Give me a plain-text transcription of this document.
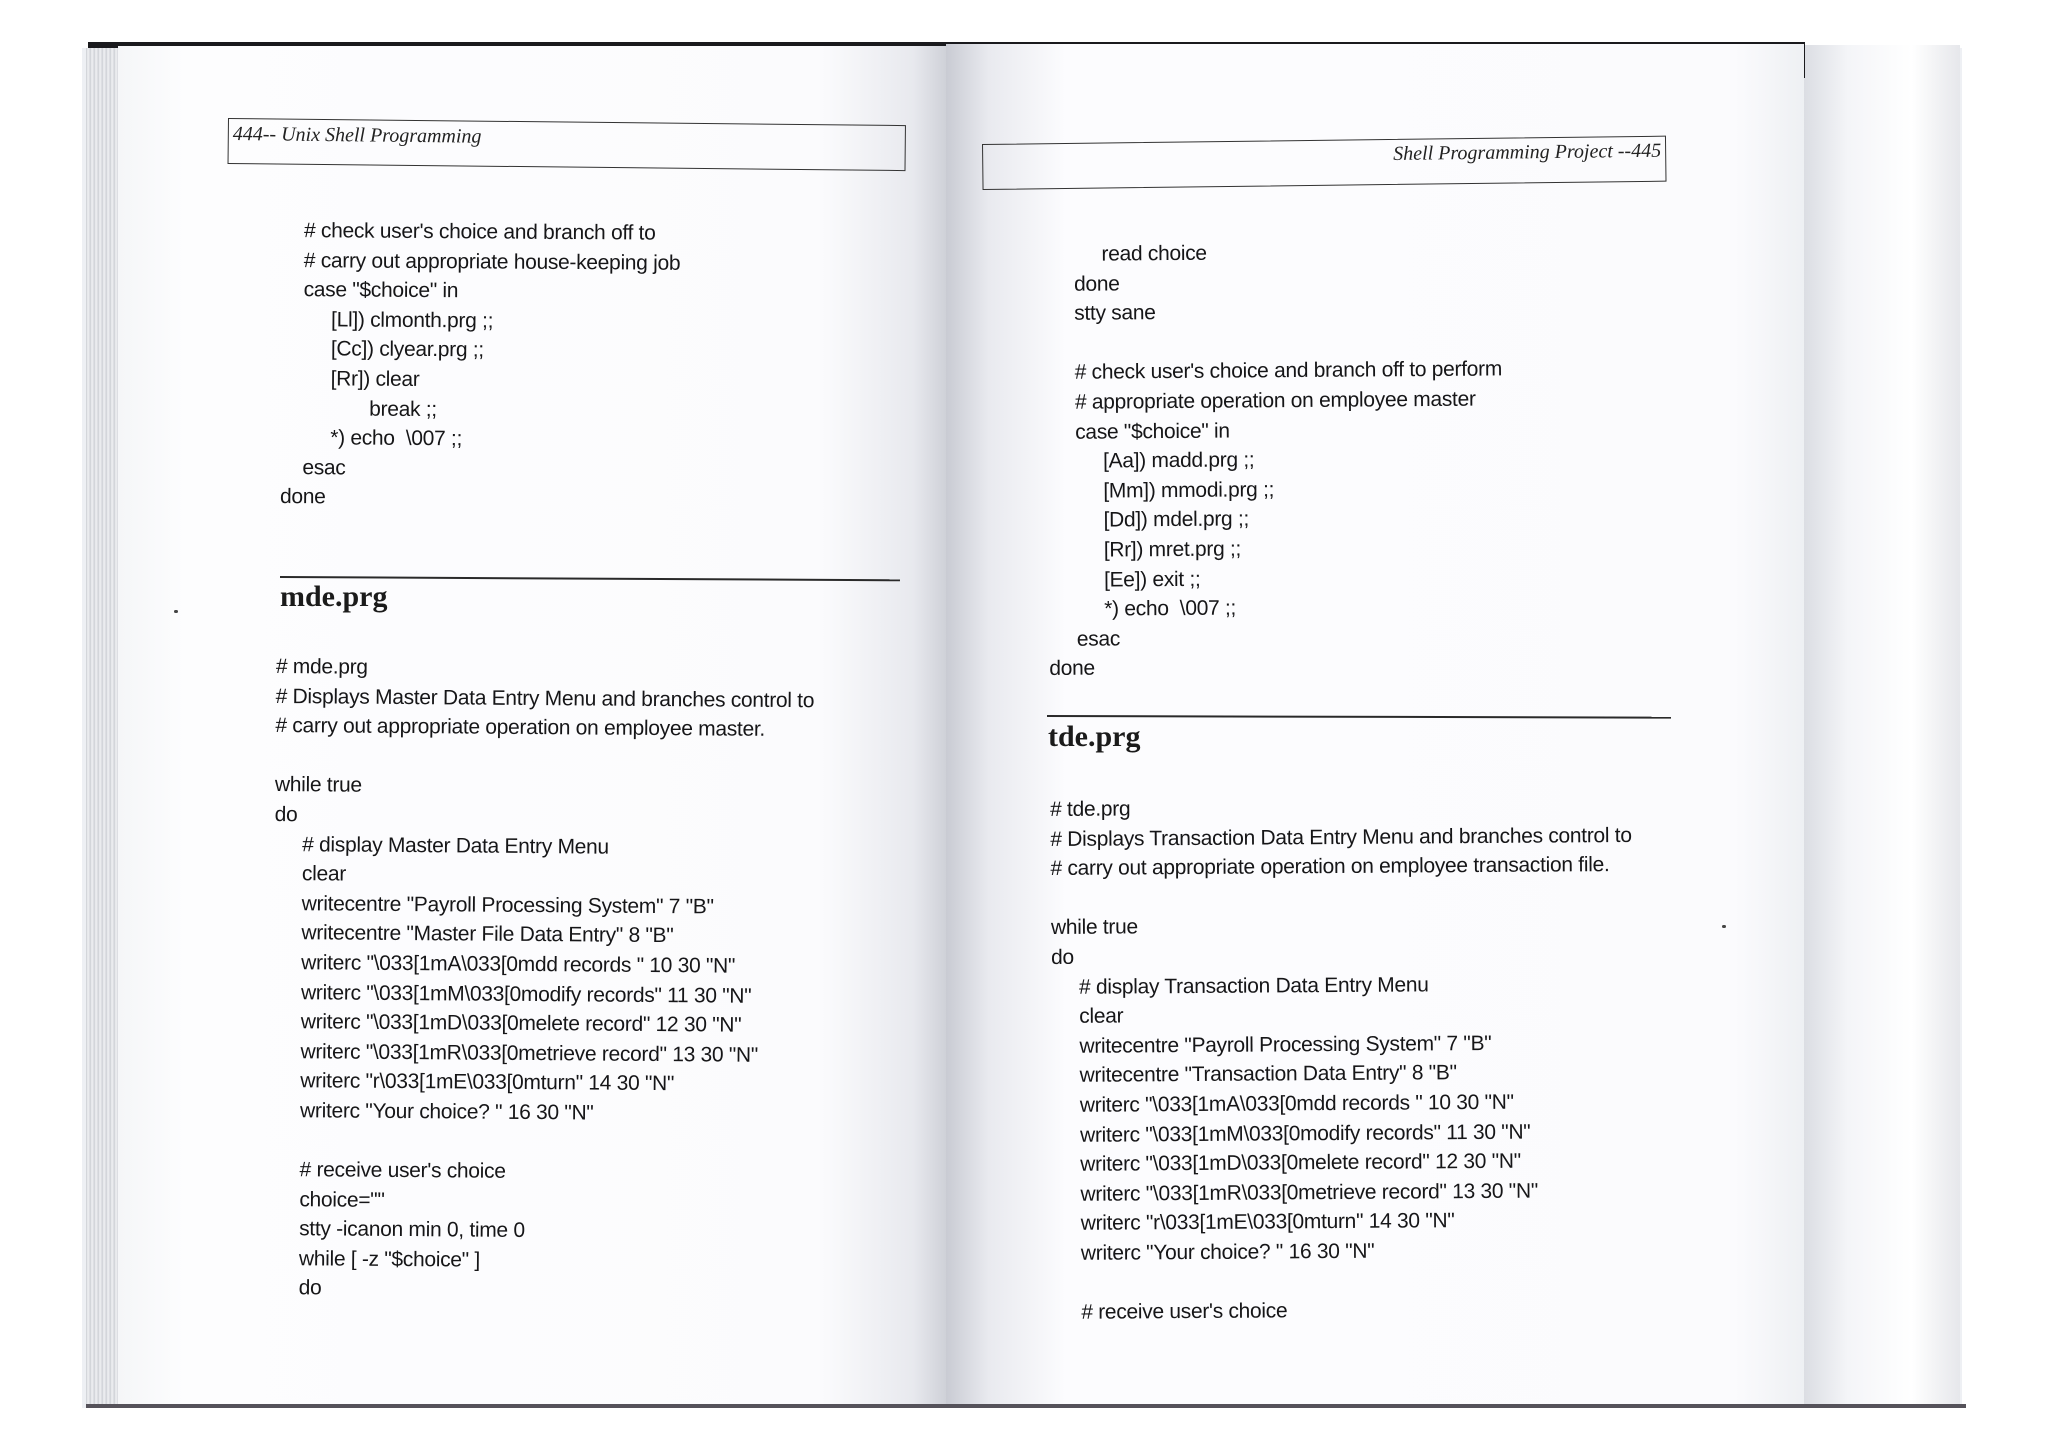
444-- Unix Shell Programming
# check user's choice and branch off to
# carry out appropriate house-keeping job
case "$choice" in
[Ll]) clmonth.prg ;;
[Cc]) clyear.prg ;;
[Rr]) clear
break ;;
*) echo  \007 ;;
esac
done
mde.prg
# mde.prg
# Displays Master Data Entry Menu and branches control to
# carry out appropriate operation on employee master.
while true
do
# display Master Data Entry Menu
clear
writecentre "Payroll Processing System" 7 "B"
writecentre "Master File Data Entry" 8 "B"
writerc "\033[1mA\033[0mdd records " 10 30 "N"
writerc "\033[1mM\033[0modify records" 11 30 "N"
writerc "\033[1mD\033[0melete record" 12 30 "N"
writerc "\033[1mR\033[0metrieve record" 13 30 "N"
writerc "r\033[1mE\033[0mturn" 14 30 "N"
writerc "Your choice? " 16 30 "N"
# receive user's choice
choice=""
stty -icanon min 0, time 0
while [ -z "$choice" ]
do
Shell Programming Project --445
read choice
done
stty sane
# check user's choice and branch off to perform
# appropriate operation on employee master
case "$choice" in
[Aa]) madd.prg ;;
[Mm]) mmodi.prg ;;
[Dd]) mdel.prg ;;
[Rr]) mret.prg ;;
[Ee]) exit ;;
*) echo  \007 ;;
esac
done
tde.prg
# tde.prg
# Displays Transaction Data Entry Menu and branches control to
# carry out appropriate operation on employee transaction file.
while true
do
# display Transaction Data Entry Menu
clear
writecentre "Payroll Processing System" 7 "B"
writecentre "Transaction Data Entry" 8 "B"
writerc "\033[1mA\033[0mdd records " 10 30 "N"
writerc "\033[1mM\033[0modify records" 11 30 "N"
writerc "\033[1mD\033[0melete record" 12 30 "N"
writerc "\033[1mR\033[0metrieve record" 13 30 "N"
writerc "r\033[1mE\033[0mturn" 14 30 "N"
writerc "Your choice? " 16 30 "N"
# receive user's choice
